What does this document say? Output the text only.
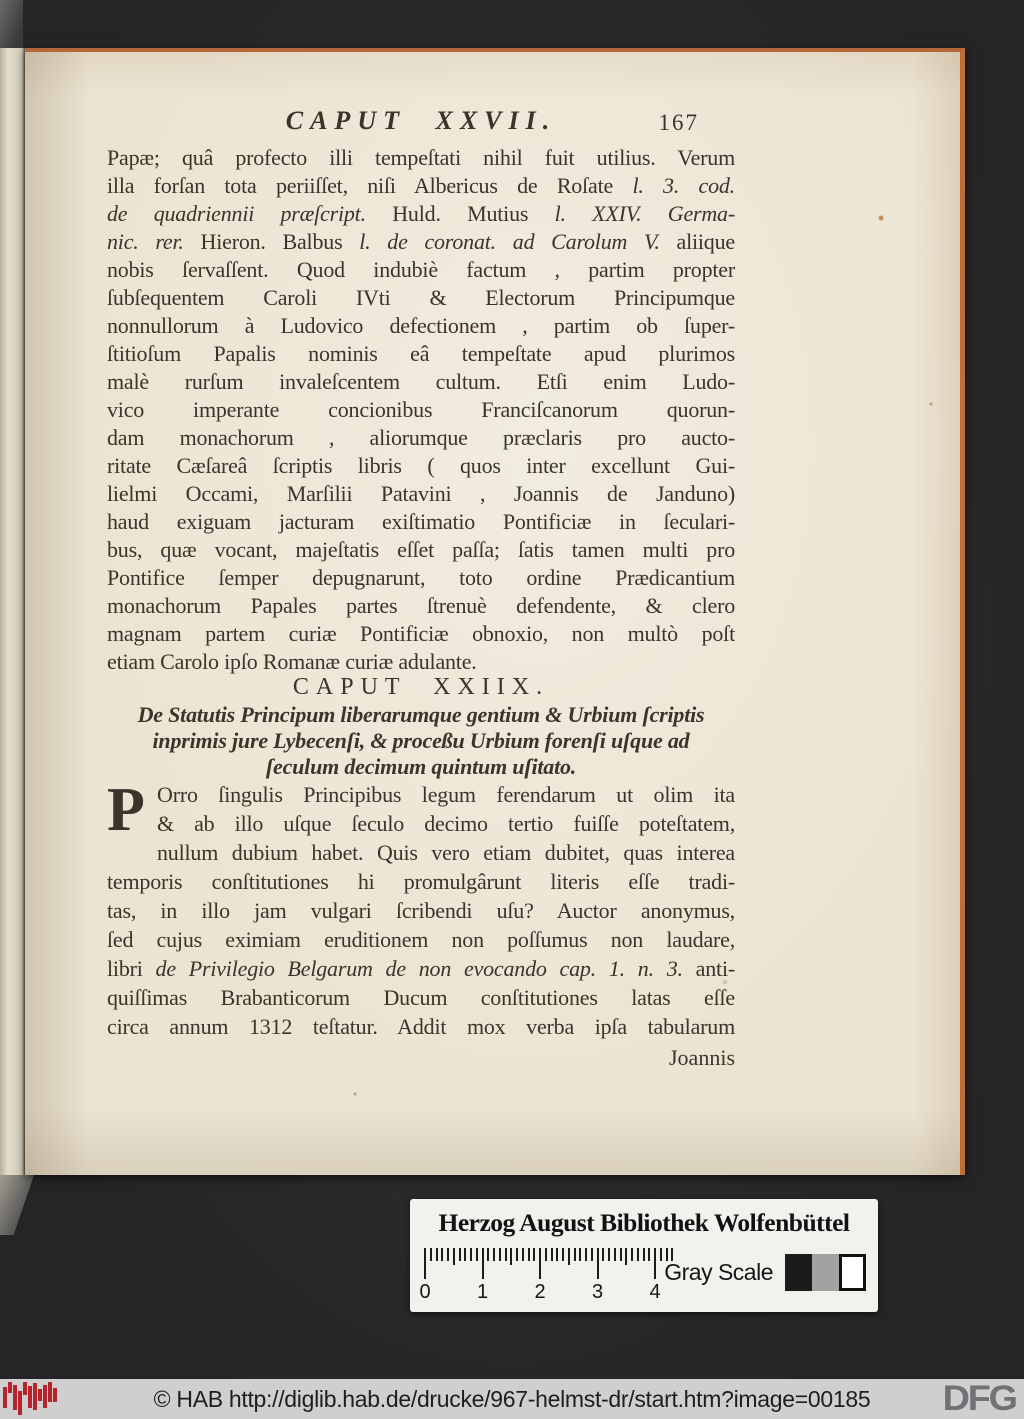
CAPUT XXVII.	167
Papæ; quâ profecto illi tempeſtati nihil fuit utilius. Verum
illa forſan tota periiſſet, niſi Albericus de Roſate l. 3. cod.
de quadriennii præſcript. Huld. Mutius l. XXIV. Germa-
nic. rer. Hieron. Balbus l. de coronat. ad Carolum V. aliique
nobis ſervaſſent. Quod indubiè factum , partim propter
ſubſequentem Caroli IVti & Electorum Principumque
nonnullorum à Ludovico defectionem , partim ob ſuper-
ſtitioſum Papalis nominis eâ tempeſtate apud plurimos
malè rurſum invaleſcentem cultum. Etſi enim Ludo-
vico imperante concionibus Franciſcanorum quorun-
dam monachorum , aliorumque præclaris pro aucto-
ritate Cæſareâ ſcriptis libris ( quos inter excellunt Gui-
lielmi Occami, Marſilii Patavini , Joannis de Janduno)
haud exiguam jacturam exiſtimatio Pontificiæ in ſeculari-
bus, quæ vocant, majeſtatis eſſet paſſa; ſatis tamen multi pro
Pontifice ſemper depugnarunt, toto ordine Prædicantium
monachorum Papales partes ſtrenuè defendente, & clero
magnam partem curiæ Pontificiæ obnoxio, non multò poſt
etiam Carolo ipſo Romanæ curiæ adulante.
CAPUT XXIIX.
De Statutis Principum liberarumque gentium & Urbium ſcriptis
inprimis jure Lybecenſi, & proceßu Urbium forenſi uſque ad
ſeculum decimum quintum uſitato.
P Orro ſingulis Principibus legum ferendarum ut olim ita
& ab illo uſque ſeculo decimo tertio fuiſſe poteſtatem,
nullum dubium habet. Quis vero etiam dubitet, quas interea
temporis conſtitutiones hi promulgârunt literis eſſe tradi-
tas, in illo jam vulgari ſcribendi uſu? Auctor anonymus,
ſed cujus eximiam eruditionem non poſſumus non laudare,
libri de Privilegio Belgarum de non evocando cap. 1. n. 3. anti-
quiſſimas Brabanticorum Ducum conſtitutiones latas eſſe
circa annum 1312 teſtatur. Addit mox verba ipſa tabularum
Joannis
Herzog August Bibliothek Wolfenbüttel
0 1 2 3 4
Gray Scale
© HAB http://diglib.hab.de/drucke/967-helmst-dr/start.htm?image=00185	DFG
